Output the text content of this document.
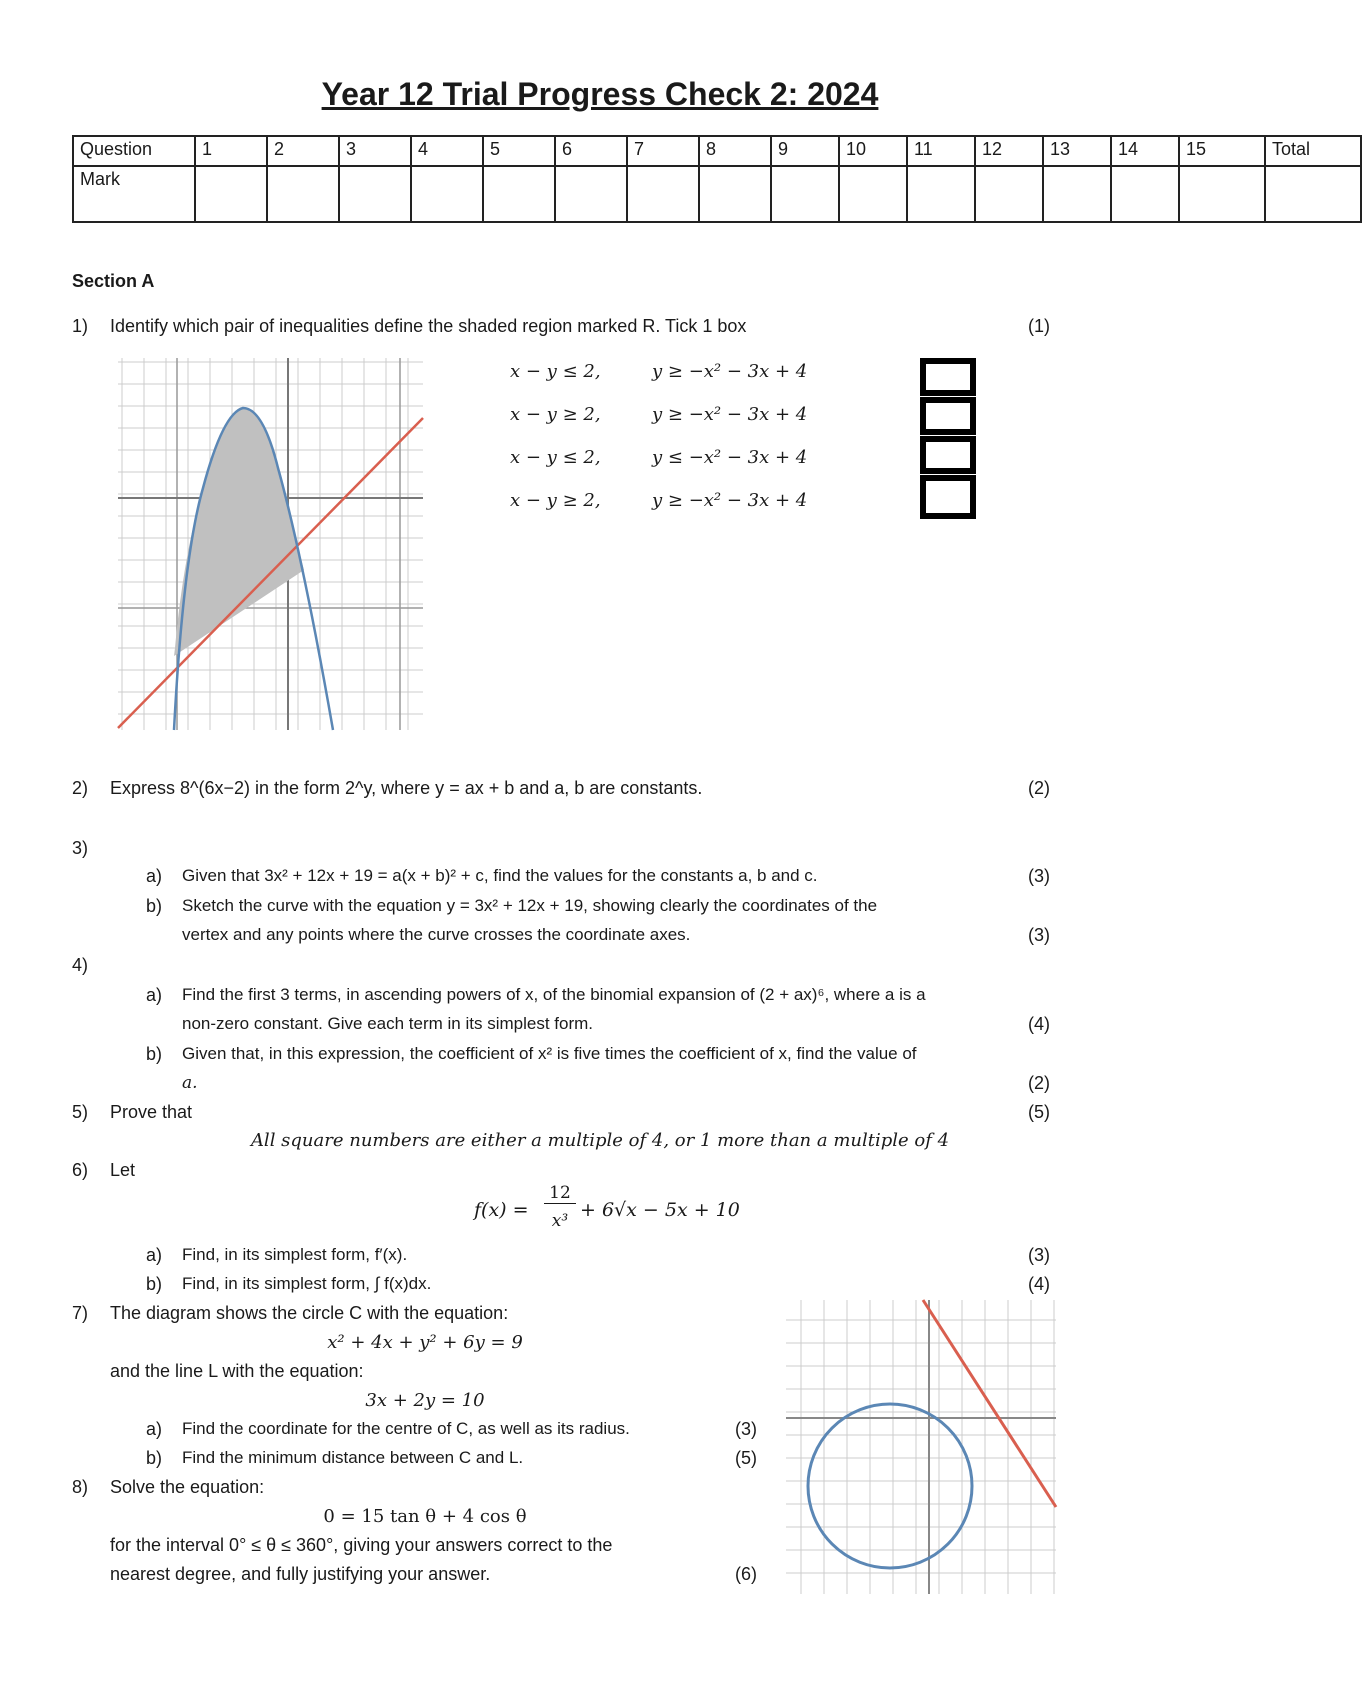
Year 12 Trial Progress Check 2: 2024
Question	1	2	3	4	5	6	7	8	9	10	11	12	13	14	15	Total
Mark																
Section A
1) Identify which pair of inequalities define the shaded region marked R. Tick 1 box	(1)
x − y ≤ 2,	y ≥ −x² − 3x + 4
x − y ≥ 2,	y ≥ −x² − 3x + 4
x − y ≤ 2,	y ≤ −x² − 3x + 4
x − y ≥ 2,	y ≥ −x² − 3x + 4
2) Express 8^(6x−2) in the form 2^y, where y = ax + b and a, b are constants.	(2)
3)
a) Given that 3x² + 12x + 19 = a(x + b)² + c, find the values for the constants a, b and c.	(3)
b) Sketch the curve with the equation y = 3x² + 12x + 19, showing clearly the coordinates of the
vertex and any points where the curve crosses the coordinate axes.	(3)
4)
a) Find the first 3 terms, in ascending powers of x, of the binomial expansion of (2 + ax)⁶, where a is a
non-zero constant. Give each term in its simplest form.	(4)
b) Given that, in this expression, the coefficient of x² is five times the coefficient of x, find the value of
a.	(2)
5) Prove that	(5)
All square numbers are either a multiple of 4, or 1 more than a multiple of 4
6) Let
f(x) =
12
x³ + 6√x − 5x + 10
a) Find, in its simplest form, f′(x).	(3)
b) Find, in its simplest form, ∫ f(x)dx.	(4)
7) The diagram shows the circle C with the equation:
x² + 4x + y² + 6y = 9
and the line L with the equation:
3x + 2y = 10
a) Find the coordinate for the centre of C, as well as its radius.	(3)
b) Find the minimum distance between C and L.	(5)
8) Solve the equation:
0 = 15 tan θ + 4 cos θ
for the interval 0° ≤ θ ≤ 360°, giving your answers correct to the
nearest degree, and fully justifying your answer.	(6)
